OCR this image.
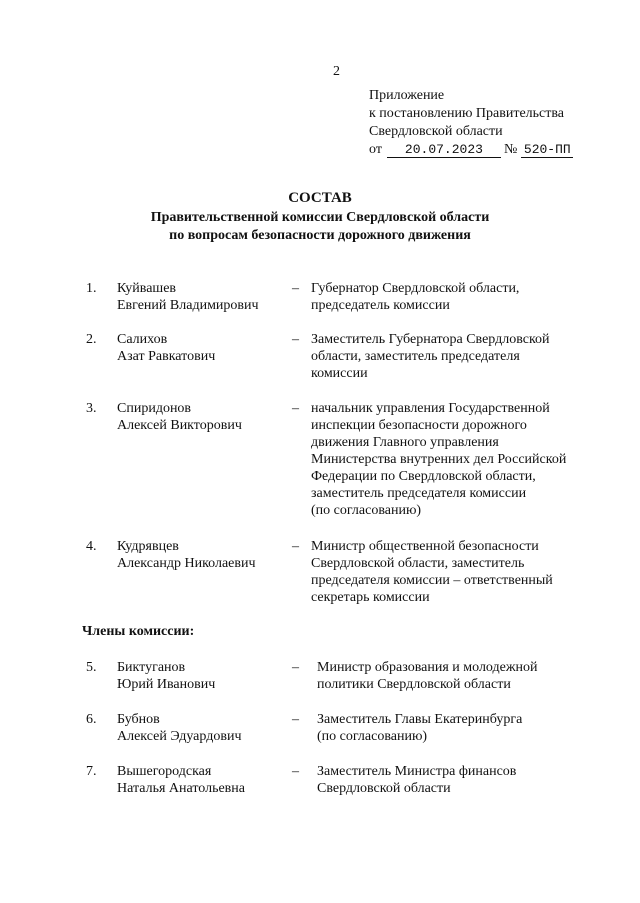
2
Приложение
к постановлению Правительства
Свердловской области
от 20.07.2023 № 520-ПП
СОСТАВ
Правительственной комиссии Свердловской области
по вопросам безопасности дорожного движения
Члены комиссии:
1. Куйвашев
Евгений Владимирович
– Губернатор Свердловской области,
председатель комиссии
2. Салихов
Азат Равкатович
– Заместитель Губернатора Свердловской
области, заместитель председателя
комиссии
3. Спиридонов
Алексей Викторович
– начальник управления Государственной
инспекции безопасности дорожного
движения Главного управления
Министерства внутренних дел Российской
Федерации по Свердловской области,
заместитель председателя комиссии
(по согласованию)
4. Кудрявцев
Александр Николаевич
– Министр общественной безопасности
Свердловской области, заместитель
председателя комиссии – ответственный
секретарь комиссии
5. Биктуганов
Юрий Иванович
– Министр образования и молодежной
политики Свердловской области
6. Бубнов
Алексей Эдуардович
– Заместитель Главы Екатеринбурга
(по согласованию)
7. Вышегородская
Наталья Анатольевна
– Заместитель Министра финансов
Свердловской области
